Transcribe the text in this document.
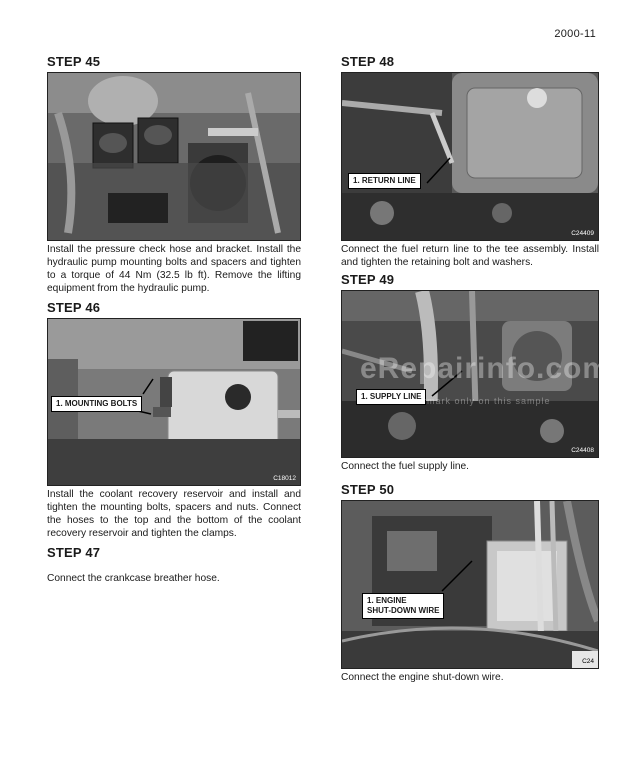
2000-11
STEP 45

Install the pressure check hose and bracket. Install the hydraulic pump mounting bolts and spacers and tighten to a torque of 44 Nm (32.5 lb ft). Remove the lifting equipment from the hydraulic pump.

STEP 46
1. MOUNTING BOLTS
C18012

Install the coolant recovery reservoir and install and tighten the mounting bolts, spacers and nuts. Connect the hoses to the top and the bottom of the coolant recovery reservoir and tighten the clamps.

STEP 47

Connect the crankcase breather hose.

STEP 48
1. RETURN LINE
C24409

Connect the fuel return line to the tee assembly. Install and tighten the retaining bolt and washers.

STEP 49
1. SUPPLY LINE
C24408

Connect the fuel supply line.

STEP 50
1. ENGINE
SHUT-DOWN WIRE
C24

Connect the engine shut-down wire.

eRepairinfo.com
watermark only on this sample
